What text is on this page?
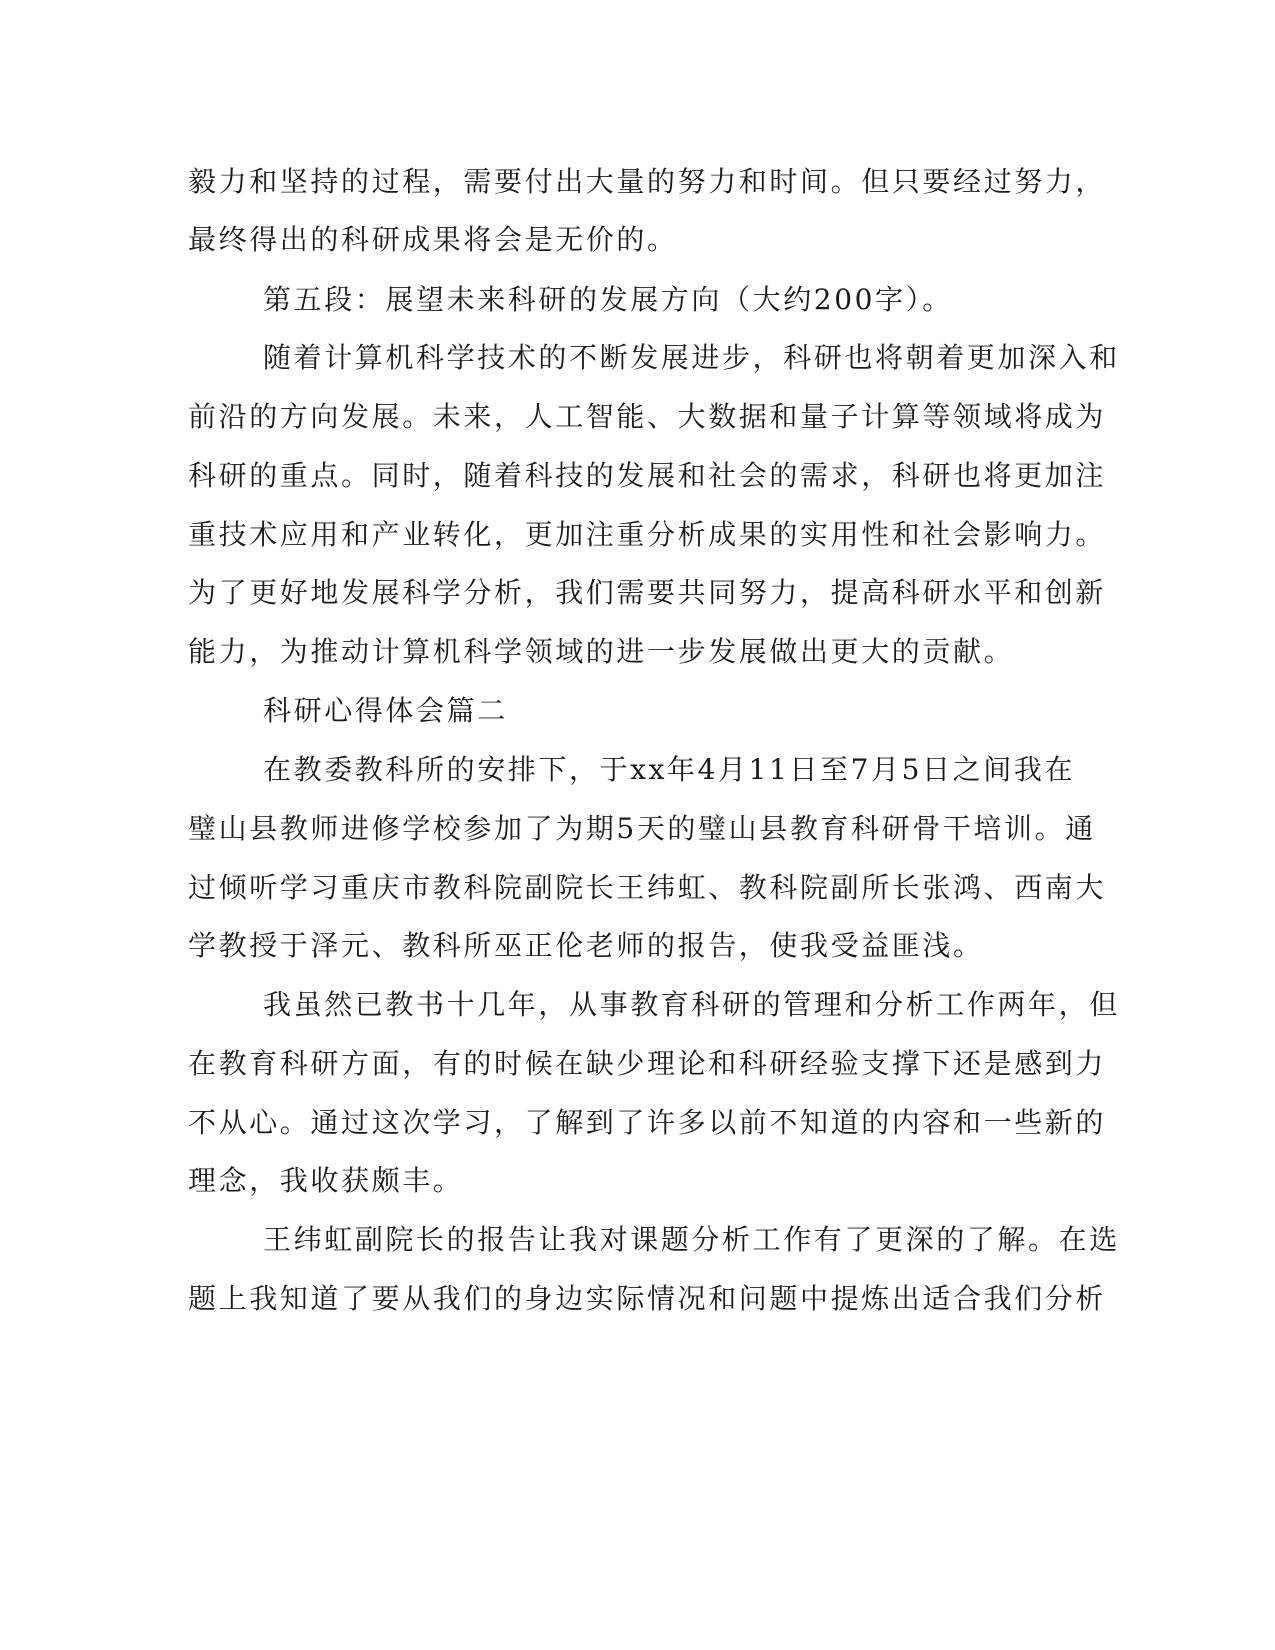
毅力和坚持的过程，需要付出大量的努力和时间。但只要经过努力，
最终得出的科研成果将会是无价的。
第五段：展望未来科研的发展方向（大约200字）。
随着计算机科学技术的不断发展进步，科研也将朝着更加深入和
前沿的方向发展。未来，人工智能、大数据和量子计算等领域将成为
科研的重点。同时，随着科技的发展和社会的需求，科研也将更加注
重技术应用和产业转化，更加注重分析成果的实用性和社会影响力。
为了更好地发展科学分析，我们需要共同努力，提高科研水平和创新
能力，为推动计算机科学领域的进一步发展做出更大的贡献。
科研心得体会篇二
在教委教科所的安排下，于xx年4月11日至7月5日之间我在
璧山县教师进修学校参加了为期5天的璧山县教育科研骨干培训。通
过倾听学习重庆市教科院副院长王纬虹、教科院副所长张鸿、西南大
学教授于泽元、教科所巫正伦老师的报告，使我受益匪浅。
我虽然已教书十几年，从事教育科研的管理和分析工作两年，但
在教育科研方面，有的时候在缺少理论和科研经验支撑下还是感到力
不从心。通过这次学习，了解到了许多以前不知道的内容和一些新的
理念，我收获颇丰。
王纬虹副院长的报告让我对课题分析工作有了更深的了解。在选
题上我知道了要从我们的身边实际情况和问题中提炼出适合我们分析
